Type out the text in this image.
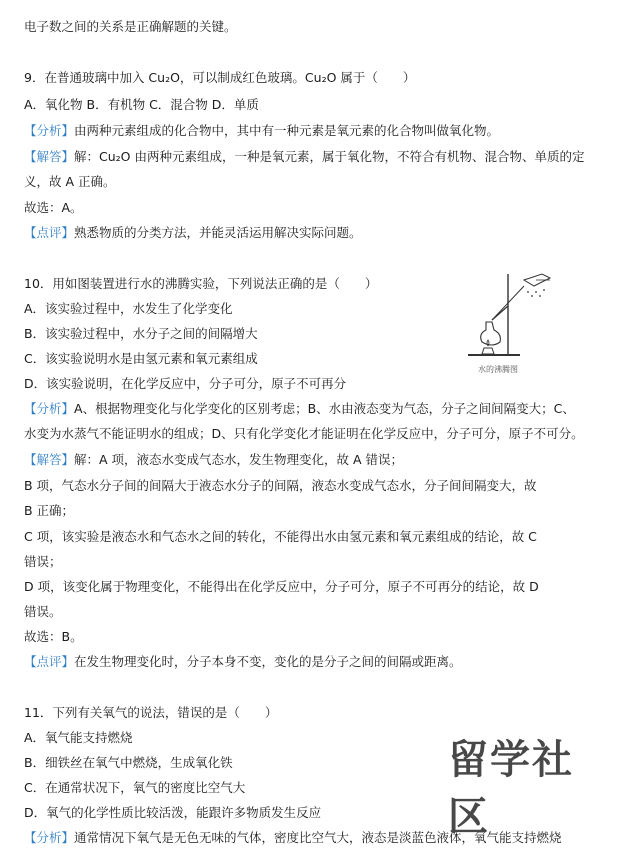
电子数之间的关系是正确解题的关键。
9．在普通玻璃中加入 Cu₂O，可以制成红色玻璃。Cu₂O 属于（　　）
A．氧化物 B．有机物 C．混合物 D．单质
【分析】由两种元素组成的化合物中，其中有一种元素是氧元素的化合物叫做氧化物。
【解答】解：Cu₂O 由两种元素组成，一种是氧元素，属于氧化物，不符合有机物、混合物、单质的定
义，故 A 正确。
故选：A。
【点评】熟悉物质的分类方法，并能灵活运用解决实际问题。
10．用如图装置进行水的沸腾实验，下列说法正确的是（　　）
A．该实验过程中，水发生了化学变化
B．该实验过程中，水分子之间的间隔增大
C．该实验说明水是由氢元素和氧元素组成
D．该实验说明，在化学反应中，分子可分，原子不可再分
【分析】A、根据物理变化与化学变化的区别考虑；B、水由液态变为气态，分子之间间隔变大；C、
水变为水蒸气不能证明水的组成；D、只有化学变化才能证明在化学反应中，分子可分，原子不可分。
【解答】解：A 项，液态水变成气态水，发生物理变化，故 A 错误；
B 项，气态水分子间的间隔大于液态水分子的间隔，液态水变成气态水，分子间间隔变大，故
B 正确；
C 项，该实验是液态水和气态水之间的转化，不能得出水由氢元素和氧元素组成的结论，故 C
错误；
D 项，该变化属于物理变化，不能得出在化学反应中，分子可分，原子不可再分的结论，故 D
错误。
故选：B。
【点评】在发生物理变化时，分子本身不变，变化的是分子之间的间隔或距离。
11．下列有关氧气的说法，错误的是（　　）
A．氧气能支持燃烧
B．细铁丝在氧气中燃烧，生成氧化铁
C．在通常状况下，氧气的密度比空气大
D．氧气的化学性质比较活泼，能跟许多物质发生反应
【分析】通常情况下氧气是无色无味的气体，密度比空气大，液态是淡蓝色液体，氧气能支持燃烧
水的沸腾图
留学社区
